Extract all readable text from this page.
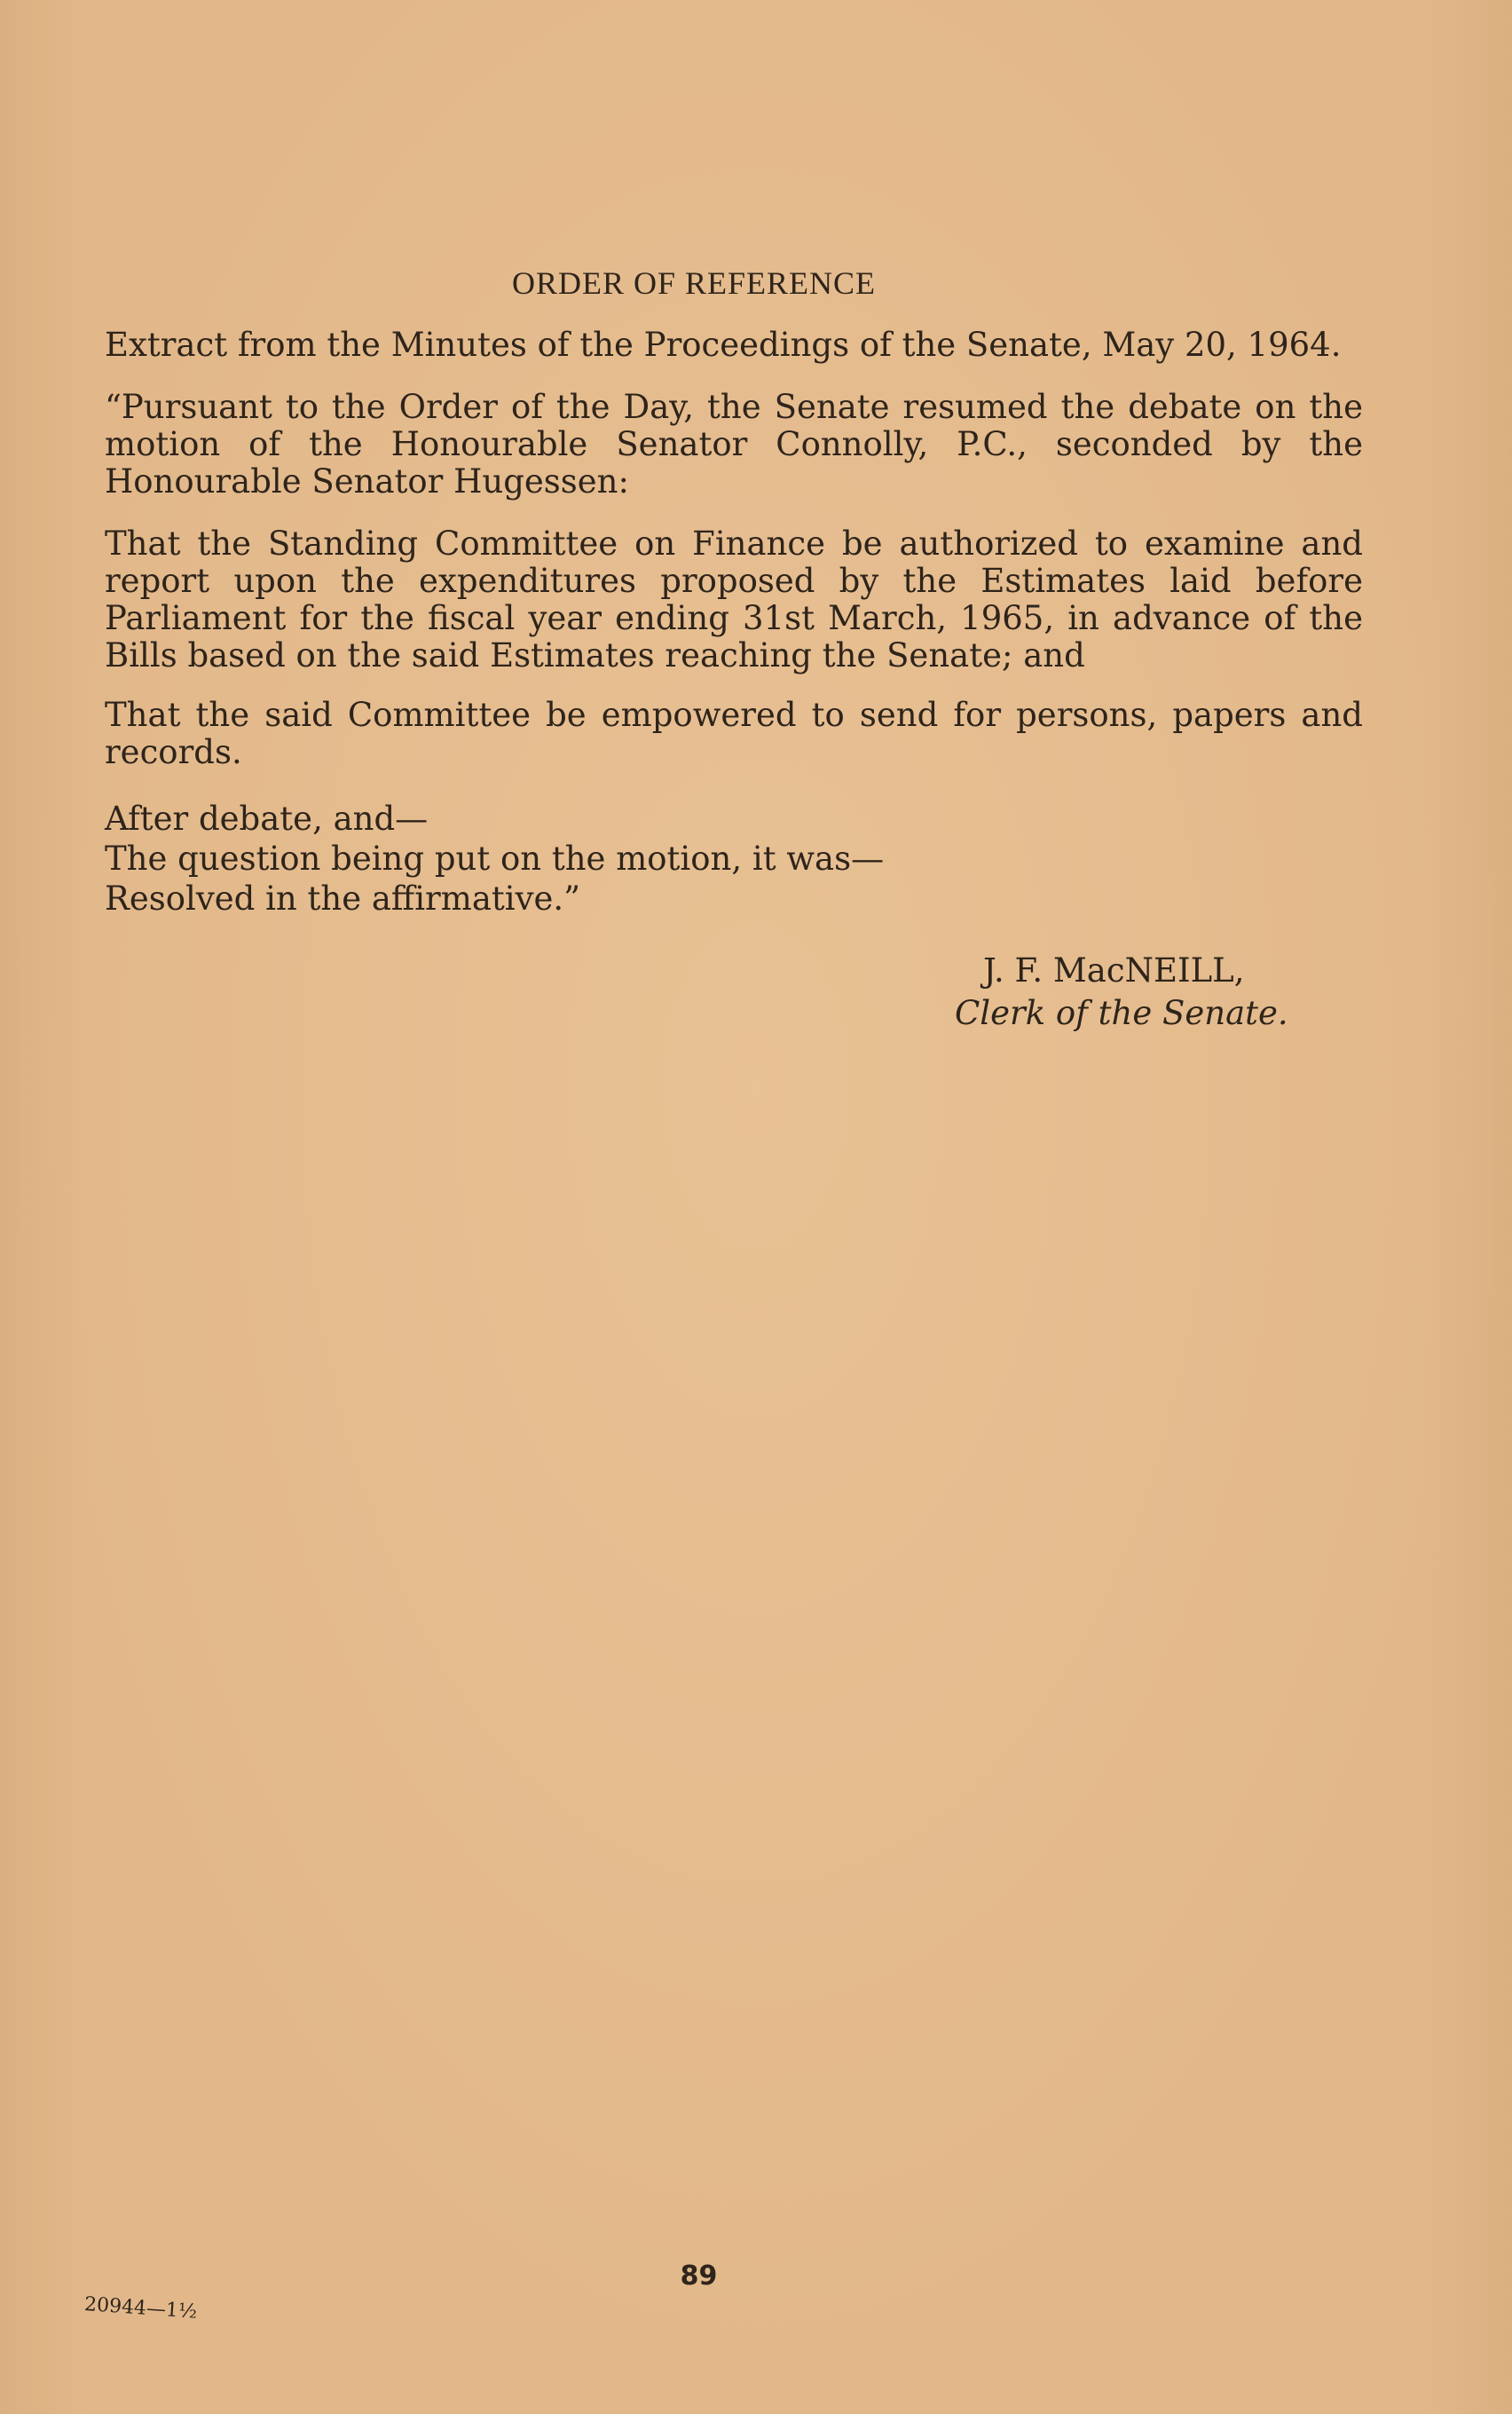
ORDER OF REFERENCE

Extract from the Minutes of the Proceedings of the Senate, May 20, 1964.

“Pursuant to the Order of the Day, the Senate resumed the debate on the motion of the Honourable Senator Connolly, P.C., seconded by the Honourable Senator Hugessen:

That the Standing Committee on Finance be authorized to examine and report upon the expenditures proposed by the Estimates laid before Parliament for the fiscal year ending 31st March, 1965, in advance of the Bills based on the said Estimates reaching the Senate; and

That the said Committee be empowered to send for persons, papers and records.

After debate, and—
The question being put on the motion, it was—
Resolved in the affirmative.”
J. F. MacNEILL,
Clerk of the Senate.
89
20944—1½
